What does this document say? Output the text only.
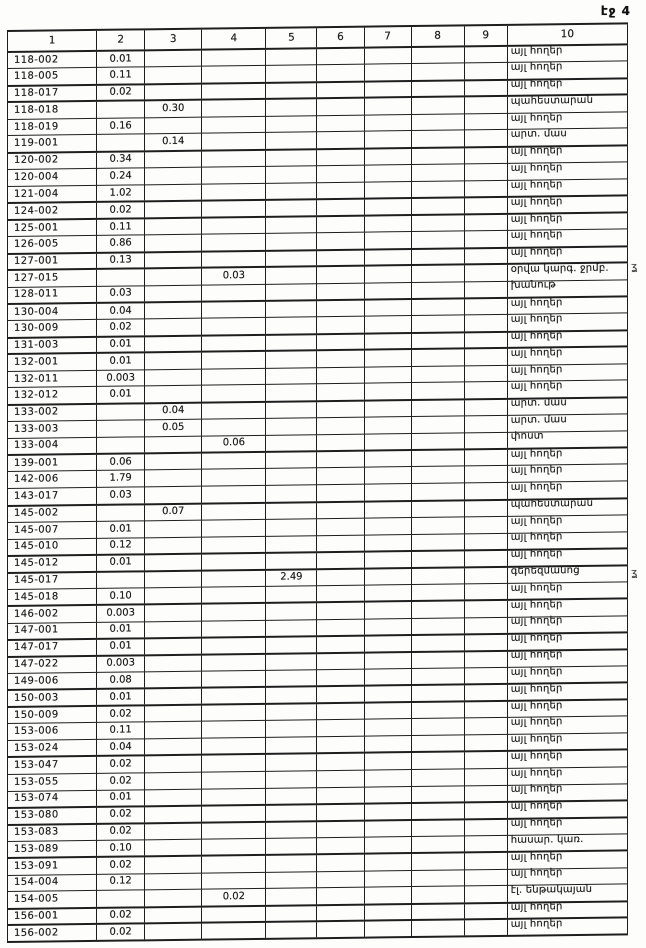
էջ 4
1	2	3	4	5	6	7	8	9	10
118-002	0.01								այլ հողեր
118-005	0.11								այլ հողեր
118-017	0.02								այլ հողեր
118-018		0.30							պահեստարան
118-019	0.16								այլ հողեր
119-001		0.14							արտ. մաս
120-002	0.34								այլ հողեր
120-004	0.24								այլ հողեր
121-004	1.02								այլ հողեր
124-002	0.02								այլ հողեր
125-001	0.11								այլ հողեր
126-005	0.86								այլ հողեր
127-001	0.13								այլ հողեր
127-015			0.03						օրվա կարգ. ջրմբ.
128-011	0.03								խանութ
130-004	0.04								այլ հողեր
130-009	0.02								այլ հողեր
131-003	0.01								այլ հողեր
132-001	0.01								այլ հողեր
132-011	0.003								այլ հողեր
132-012	0.01								այլ հողեր
133-002		0.04							արտ. մաս
133-003		0.05							արտ. մաս
133-004			0.06						փոստ
139-001	0.06								այլ հողեր
142-006	1.79								այլ հողեր
143-017	0.03								այլ հողեր
145-002		0.07							պահեստարան
145-007	0.01								այլ հողեր
145-010	0.12								այլ հողեր
145-012	0.01								այլ հողեր
145-017				2.49					գերեզմանոց
145-018	0.10								այլ հողեր
146-002	0.003								այլ հողեր
147-001	0.01								այլ հողեր
147-017	0.01								այլ հողեր
147-022	0.003								այլ հողեր
149-006	0.08								այլ հողեր
150-003	0.01								այլ հողեր
150-009	0.02								այլ հողեր
153-006	0.11								այլ հողեր
153-024	0.04								այլ հողեր
153-047	0.02								այլ հողեր
153-055	0.02								այլ հողեր
153-074	0.01								այլ հողեր
153-080	0.02								այլ հողեր
153-083	0.02								այլ հողեր
153-089	0.10								հասար. կառ.
153-091	0.02								այլ հողեր
154-004	0.12								այլ հողեր
154-005			0.02						էլ. ենթակայան
156-001	0.02								այլ հողեր
156-002	0.02								այլ հողեր
ʓ
ʓ
